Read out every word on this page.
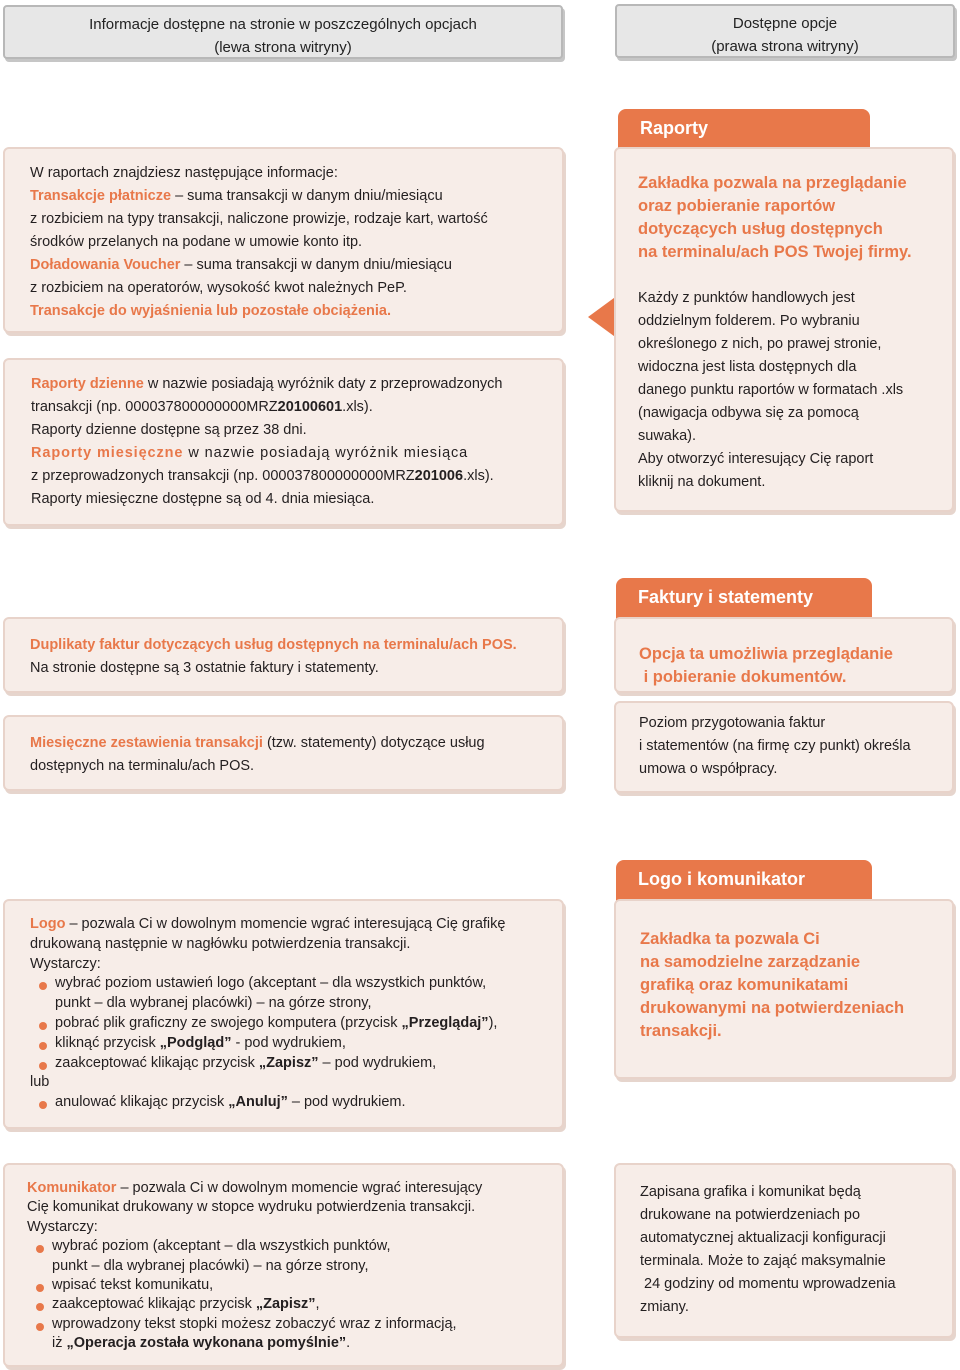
Informacje dostępne na stronie w poszczególnych opcjach
(lewa strona witryny)
Dostępne opcje
(prawa strona witryny)

W raportach znajdziesz następujące informacje:

Transakcje płatnicze – suma transakcji w danym dniu/miesiącu

z rozbiciem na typy transakcji, naliczone prowizje, rodzaje kart, wartość

środków przelanych na podane w umowie konto itp.

Doładowania Voucher – suma transakcji w danym dniu/miesiącu

z rozbiciem na operatorów, wysokość kwot należnych PeP.

Transakcje do wyjaśnienia lub pozostałe obciążenia.

Raporty dzienne w nazwie posiadają wyróżnik daty z przeprowadzonych

transakcji (np. 000037800000000MRZ20100601.xls).

Raporty dzienne dostępne są przez 38 dni.

Raporty miesięczne w nazwie posiadają wyróżnik miesiąca

z przeprowadzonych transakcji (np. 000037800000000MRZ201006.xls).

Raporty miesięczne dostępne są od 4. dnia miesiąca.

Raporty
Zakładka pozwala na przeglądanie
oraz pobieranie raportów
dotyczących usług dostępnych
na terminalu/ach POS Twojej firmy.
Każdy z punktów handlowych jest
oddzielnym folderem. Po wybraniu
określonego z nich, po prawej stronie,
widoczna jest lista dostępnych dla
danego punktu raportów w formatach .xls
(nawigacja odbywa się za pomocą
suwaka).
Aby otworzyć interesujący Cię raport
kliknij na dokument.
Duplikaty faktur dotyczących usług dostępnych na terminalu/ach POS.
Na stronie dostępne są 3 ostatnie faktury i statementy.

Miesięczne zestawienia transakcji (tzw. statementy) dotyczące usług

dostępnych na terminalu/ach POS.

Faktury i statementy
Opcja ta umożliwia przeglądanie
i pobieranie dokumentów.
Poziom przygotowania faktur
i statementów (na firmę czy punkt) określa
umowa o współpracy.

Logo – pozwala Ci w dowolnym momencie wgrać interesującą Cię grafikę

drukowaną następnie w nagłówku potwierdzenia transakcji.

Wystarczy:

wybrać poziom ustawień logo (akceptant – dla wszystkich punktów,
punkt – dla wybranej placówki) – na górze strony,
pobrać plik graficzny ze swojego komputera (przycisk „Przeglądaj”),
kliknąć przycisk „Podgląd” - pod wydrukiem,
zaakceptować klikając przycisk „Zapisz” – pod wydrukiem,

lub

anulować klikając przycisk „Anuluj” – pod wydrukiem.

Komunikator – pozwala Ci w dowolnym momencie wgrać interesujący

Cię komunikat drukowany w stopce wydruku potwierdzenia transakcji.

Wystarczy:

wybrać poziom (akceptant – dla wszystkich punktów,
punkt – dla wybranej placówki) – na górze strony,
wpisać tekst komunikatu,
zaakceptować klikając przycisk „Zapisz”,
wprowadzony tekst stopki możesz zobaczyć wraz z informacją,
iż „Operacja została wykonana pomyślnie”.
Logo i komunikator
Zakładka ta pozwala Ci
na samodzielne zarządzanie
grafiką oraz komunikatami
drukowanymi na potwierdzeniach
transakcji.
Zapisana grafika i komunikat będą
drukowane na potwierdzeniach po
automatycznej aktualizacji konfiguracji
terminala. Może to zająć maksymalnie
24 godziny od momentu wprowadzenia
zmiany.
